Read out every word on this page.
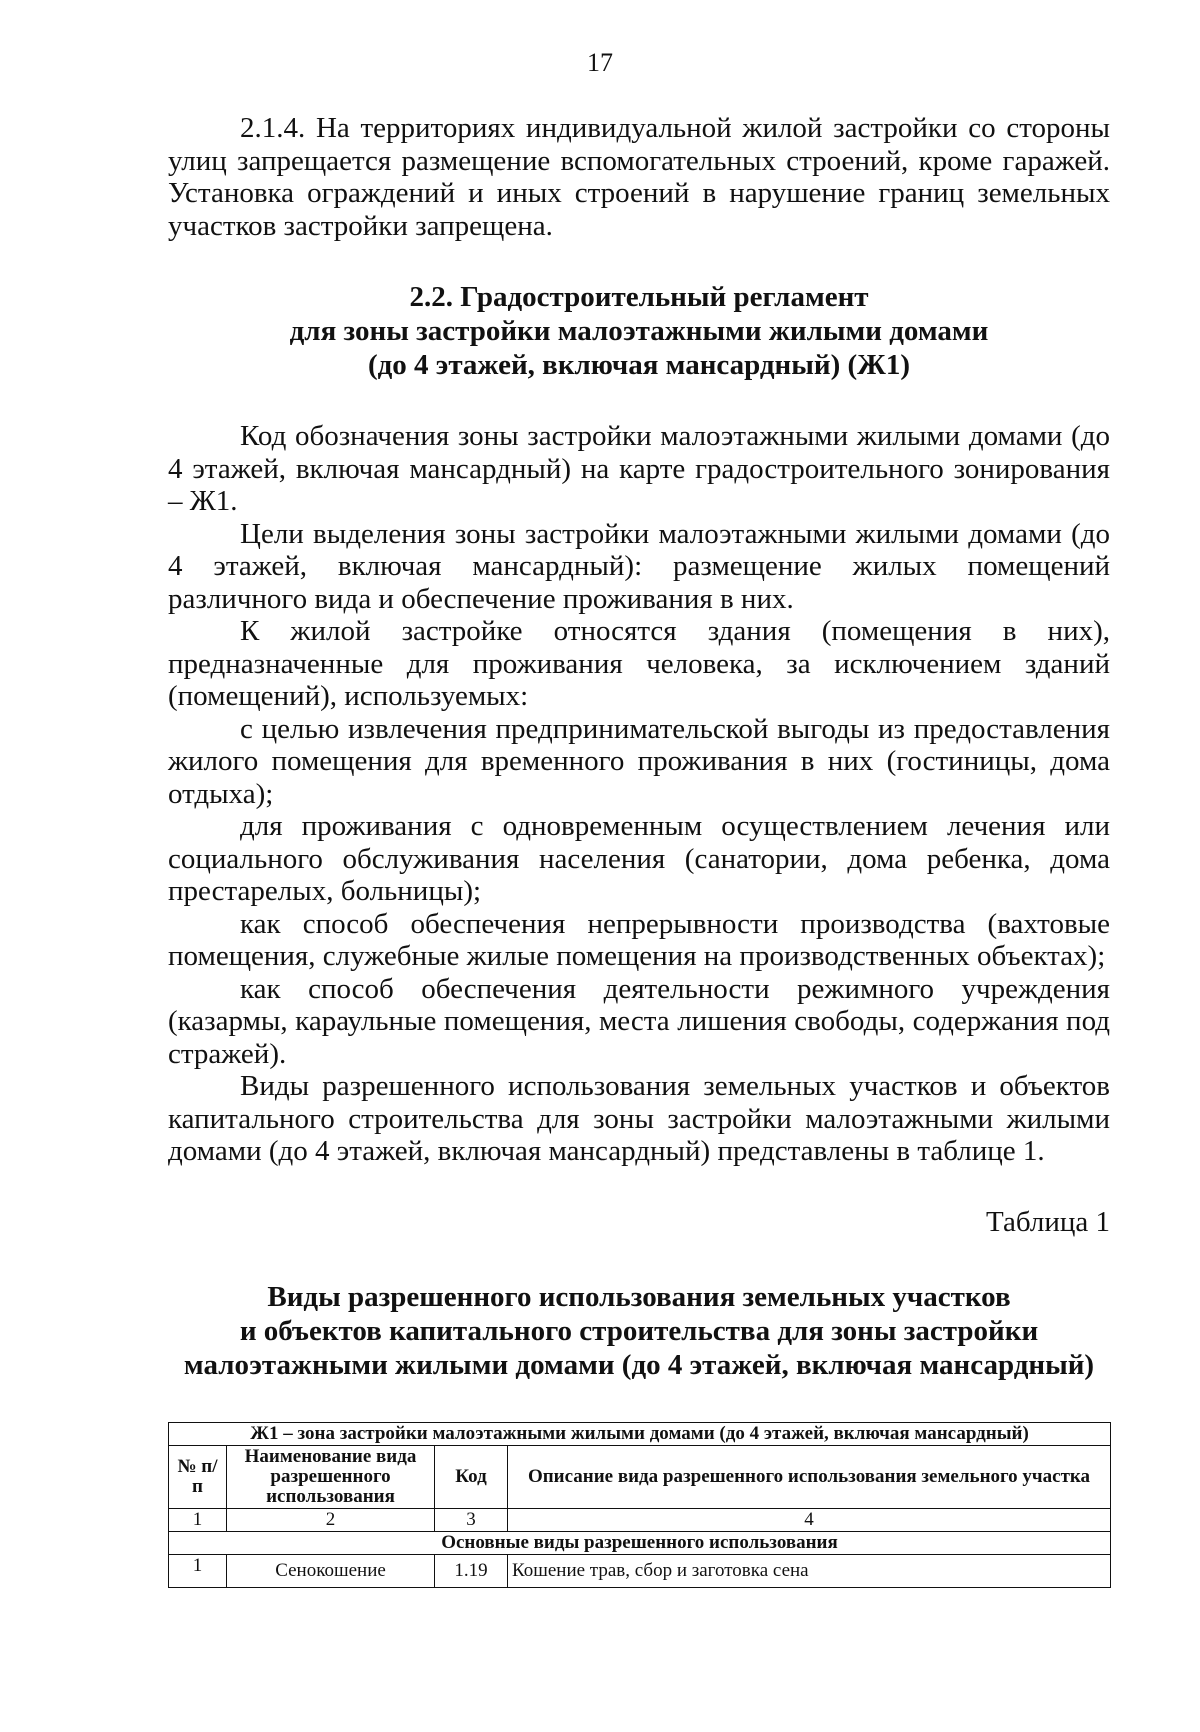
17

2.1.4. На территориях индивидуальной жилой застройки со стороны улиц запрещается размещение вспомогательных строений, кроме гаражей. Установка ограждений и иных строений в нарушение границ земельных участков застройки запрещена.

2.2. Градостроительный регламент
для зоны застройки малоэтажными жилыми домами
(до 4 этажей, включая мансардный) (Ж1)

Код обозначения зоны застройки малоэтажными жилыми домами (до 4 этажей, включая мансардный) на карте градостроительного зонирования – Ж1.

Цели выделения зоны застройки малоэтажными жилыми домами (до 4 этажей, включая мансардный): размещение жилых помещений различного вида и обеспечение проживания в них.

К жилой застройке относятся здания (помещения в них), предназначенные для проживания человека, за исключением зданий (помещений), используемых:

с целью извлечения предпринимательской выгоды из предоставления жилого помещения для временного проживания в них (гостиницы, дома отдыха);

для проживания с одновременным осуществлением лечения или социального обслуживания населения (санатории, дома ребенка, дома престарелых, больницы);

как способ обеспечения непрерывности производства (вахтовые помещения, служебные жилые помещения на производственных объектах);

как способ обеспечения деятельности режимного учреждения (казармы, караульные помещения, места лишения свободы, содержания под стражей).

Виды разрешенного использования земельных участков и объектов капитального строительства для зоны застройки малоэтажными жилыми домами (до 4 этажей, включая мансардный) представлены в таблице 1.

Таблица 1
Виды разрешенного использования земельных участков
и объектов капитального строительства для зоны застройки
малоэтажными жилыми домами (до 4 этажей, включая мансардный)
Ж1 – зона застройки малоэтажными жилыми домами (до 4 этажей, включая мансардный)			
№ п/п	Наименование вида разрешенного использования	Код	Описание вида разрешенного использования земельного участка
1	2	3	4
Основные виды разрешенного использования			
1	Сенокошение	1.19	Кошение трав, сбор и заготовка сена
